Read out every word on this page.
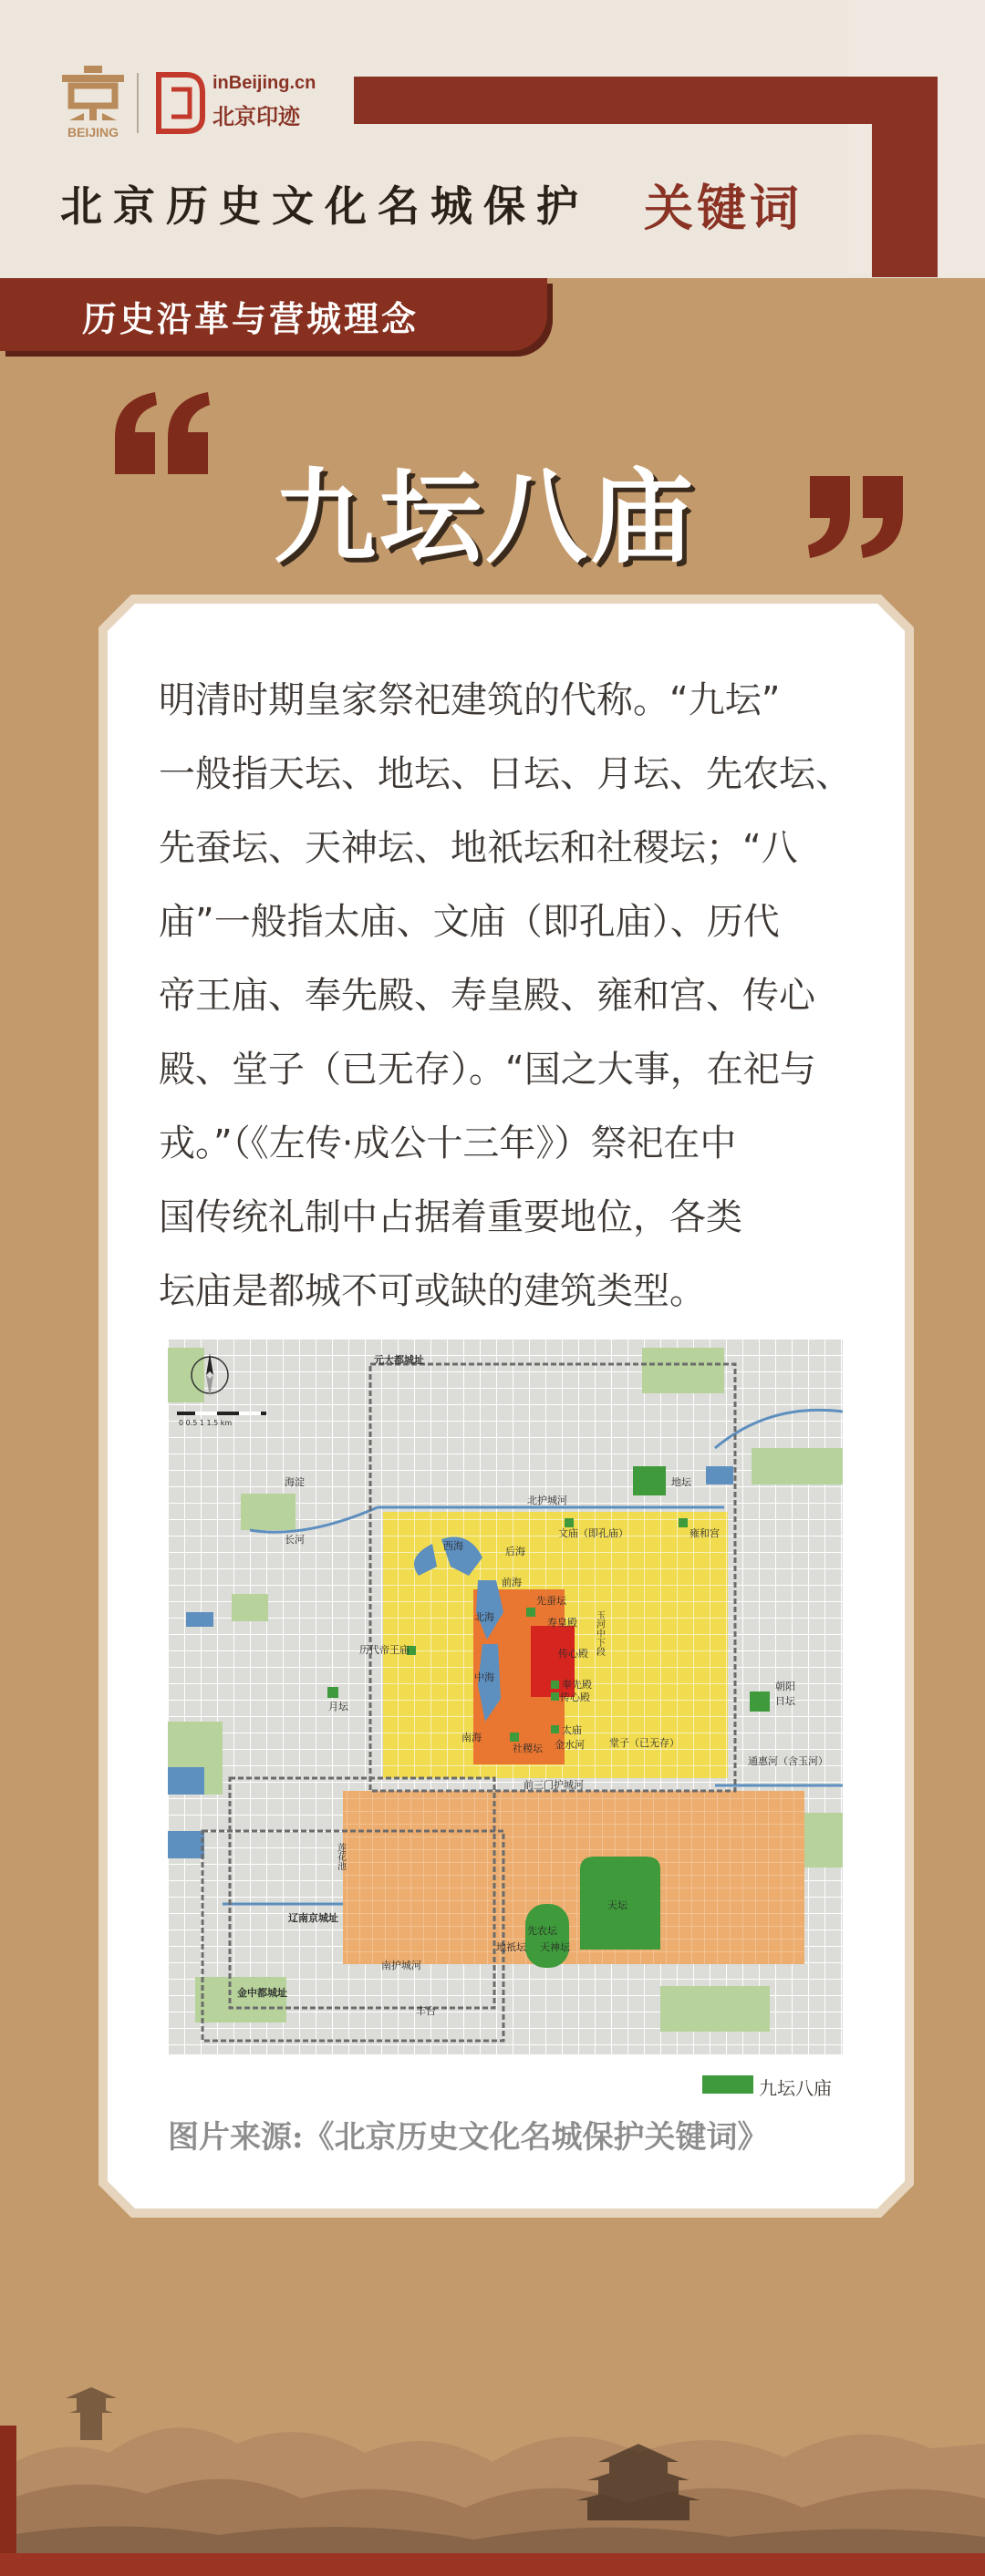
BEIJING
inBeijing.cn
北京印迹
北京历史文化名城保护 关键词
历史沿革与营城理念
九坛八庙

明清时期皇家祭祀建筑的代称。“九坛”
一般指天坛、地坛、日坛、月坛、先农坛、
先蚕坛、天神坛、地祇坛和社稷坛；“八
庙”一般指太庙、文庙（即孔庙）、历代
帝王庙、奉先殿、寿皇殿、雍和宫、传心
殿、堂子（已无存）。“国之大事，在祀与
戎。”（《左传·成公十三年》）祭祀在中
国传统礼制中占据着重要地位，各类
坛庙是都城不可或缺的建筑类型。

0 0.5 1 1.5 km
元大都城址
海淀
长河
北护城河
地坛
文庙（即孔庙）	雍和宫
西海	后海
前海
先蚕坛
寿皇殿
北海	玉河中下段
历代帝王庙	传心殿
中海
奉先殿
传心殿
月坛
朝阳
日坛
太庙
南海
社稷坛 金水河 堂子（已无存）
通惠河（含玉河）
前三门护城河
莲花池
辽南京城址
先农坛
天坛
南护城河
地祇坛 天神坛
金中都城址
丰台
九坛八庙
图片来源:《北京历史文化名城保护关键词》
